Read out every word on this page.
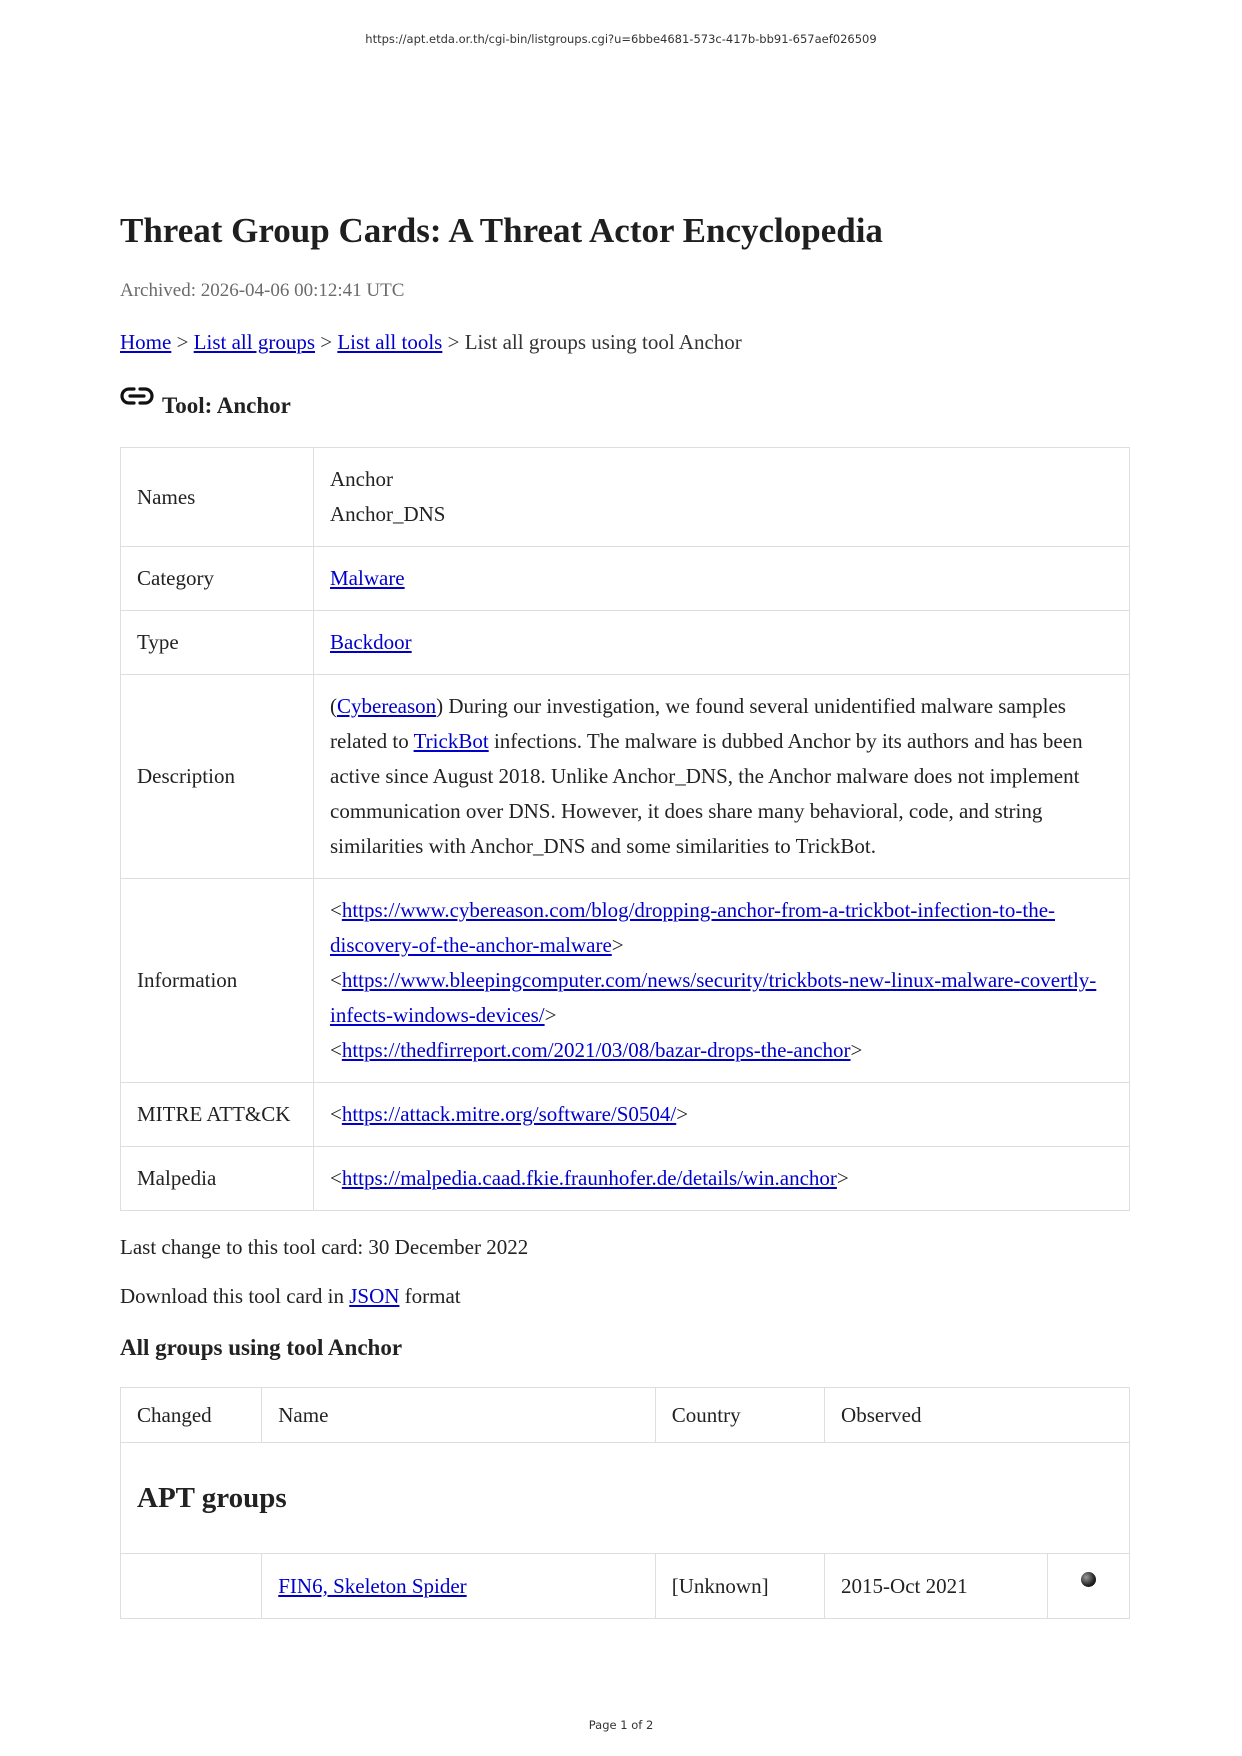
https://apt.etda.or.th/cgi-bin/listgroups.cgi?u=6bbe4681-573c-417b-bb91-657aef026509
Threat Group Cards: A Threat Actor Encyclopedia
Archived: 2026-04-06 00:12:41 UTC
Home > List all groups > List all tools > List all groups using tool Anchor
Tool: Anchor
Names	Anchor
Anchor_DNS

Category	Malware
Type	Backdoor
Description	(Cybereason) During our investigation, we found several unidentified malware samples related to TrickBot infections. The malware is dubbed Anchor by its authors and has been active since August 2018. Unlike Anchor_DNS, the Anchor malware does not implement communication over DNS. However, it does share many behavioral, code, and string similarities with Anchor_DNS and some similarities to TrickBot.
Information	<https://www.cybereason.com/blog/dropping-anchor-from-a-trickbot-infection-to-the-discovery-of-the-anchor-malware>
<https://www.bleepingcomputer.com/news/security/trickbots-new-linux-malware-covertly-infects-windows-devices/>
<https://thedfirreport.com/2021/03/08/bazar-drops-the-anchor>

MITRE ATT&CK	<https://attack.mitre.org/software/S0504/>
Malpedia	<https://malpedia.caad.fkie.fraunhofer.de/details/win.anchor>
Last change to this tool card: 30 December 2022
Download this tool card in JSON format
All groups using tool Anchor
Changed	Name	Country	Observed	
APT groups				
	FIN6, Skeleton Spider	[Unknown]	2015-Oct 2021	
Page 1 of 2
